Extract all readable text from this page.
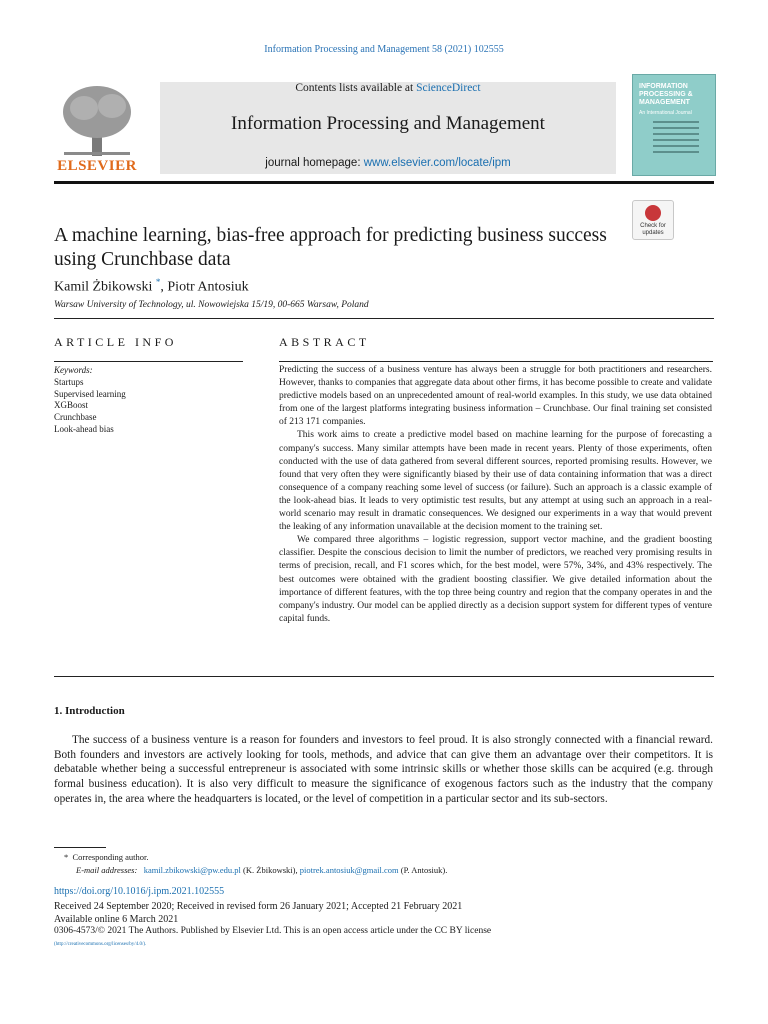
Information Processing and Management 58 (2021) 102555
ELSEVIER
Contents lists available at ScienceDirect
Information Processing and Management
journal homepage: www.elsevier.com/locate/ipm
INFORMATION PROCESSING & MANAGEMENT
An International Journal
Check for updates
A machine learning, bias-free approach for predicting business success using Crunchbase data
Kamil Żbikowski *, Piotr Antosiuk
Warsaw University of Technology, ul. Nowowiejska 15/19, 00-665 Warsaw, Poland
ARTICLE INFO
Keywords:
Startups
Supervised learning
XGBoost
Crunchbase
Look-ahead bias
ABSTRACT

Predicting the success of a business venture has always been a struggle for both practitioners and researchers. However, thanks to companies that aggregate data about other firms, it has become possible to create and validate predictive models based on an unprecedented amount of real-world examples. In this study, we use data obtained from one of the largest platforms integrating business information – Crunchbase. Our final training set consisted of 213 171 companies.

This work aims to create a predictive model based on machine learning for the purpose of forecasting a company's success. Many similar attempts have been made in recent years. Plenty of those experiments, often conducted with the use of data gathered from several different sources, reported promising results. However, we found that very often they were significantly biased by their use of data containing information that was a direct consequence of a company reaching some level of success (or failure). Such an approach is a classic example of the look-ahead bias. It leads to very optimistic test results, but any attempt at using such an approach in a real-world scenario may result in dramatic consequences. We designed our experiments in a way that would prevent the leaking of any information unavailable at the decision moment to the training set.

We compared three algorithms – logistic regression, support vector machine, and the gradient boosting classifier. Despite the conscious decision to limit the number of predictors, we reached very promising results in terms of precision, recall, and F1 scores which, for the best model, were 57%, 34%, and 43% respectively. The best outcomes were obtained with the gradient boosting classifier. We give detailed information about the importance of different features, with the top three being country and region that the company operates in and the company's industry. Our model can be applied directly as a decision support system for different types of venture capital funds.

1. Introduction

The success of a business venture is a reason for founders and investors to feel proud. It is also strongly connected with a financial reward. Both founders and investors are actively looking for tools, methods, and advice that can give them an advantage over their competitors. It is debatable whether being a successful entrepreneur is associated with some intrinsic skills or whether those skills can be acquired (e.g. through formal business education). It is also very difficult to measure the significance of exogenous factors such as the industry that the company operates in, the area where the headquarters is located, or the level of competition in a particular sector and its sub-sectors.

* Corresponding author.
E-mail addresses: kamil.zbikowski@pw.edu.pl (K. Żbikowski), piotrek.antosiuk@gmail.com (P. Antosiuk).
https://doi.org/10.1016/j.ipm.2021.102555
Received 24 September 2020; Received in revised form 26 January 2021; Accepted 21 February 2021
Available online 6 March 2021
0306-4573/© 2021 The Authors. Published by Elsevier Ltd. This is an open access article under the CC BY license
(http://creativecommons.org/licenses/by/4.0/).
